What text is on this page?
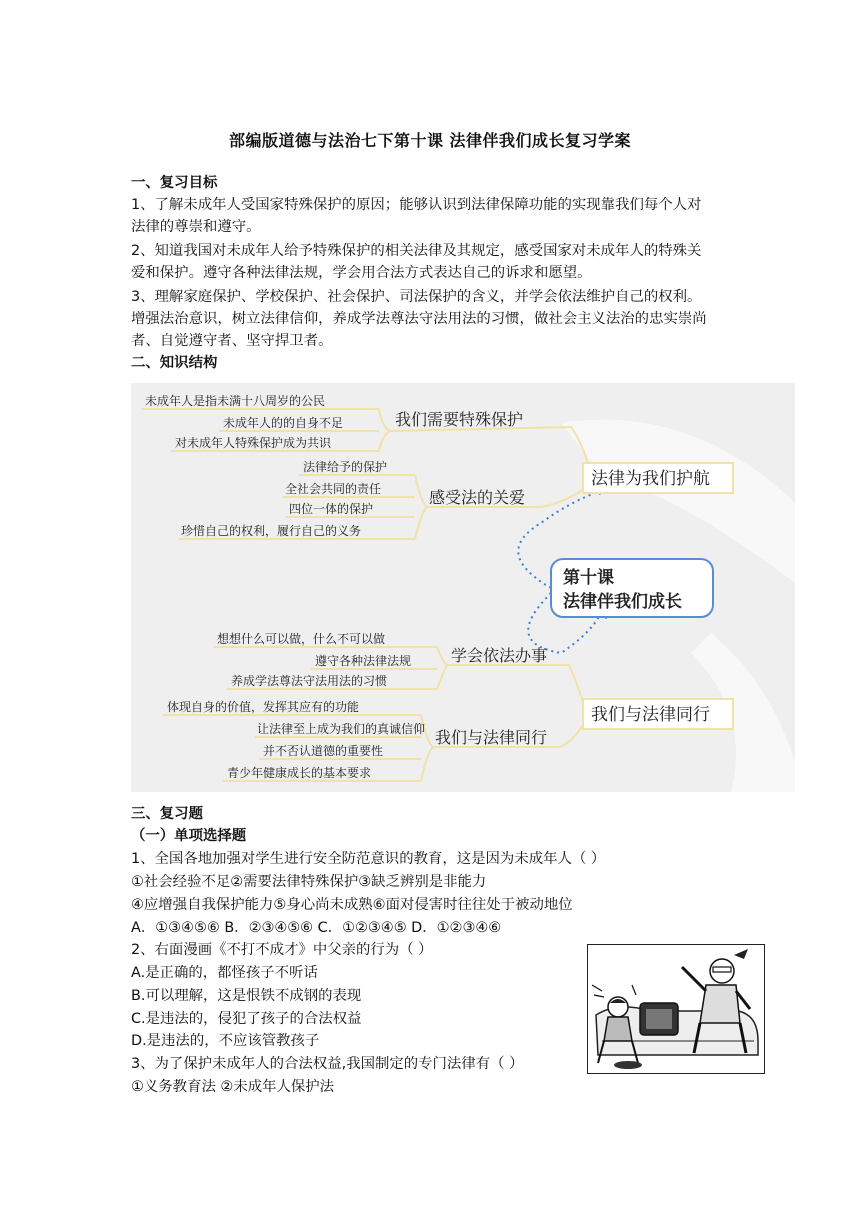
部编版道德与法治七下第十课 法律伴我们成长复习学案
一、复习目标
1、了解未成年人受国家特殊保护的原因；能够认识到法律保障功能的实现靠我们每个人对
法律的尊崇和遵守。
2、知道我国对未成年人给予特殊保护的相关法律及其规定，感受国家对未成年人的特殊关
爱和保护。遵守各种法律法规，学会用合法方式表达自己的诉求和愿望。
3、理解家庭保护、学校保护、社会保护、司法保护的含义，并学会依法维护自己的权利。
增强法治意识，树立法律信仰，养成学法尊法守法用法的习惯，做社会主义法治的忠实崇尚
者、自觉遵守者、坚守捍卫者。
二、知识结构
第十课
法律伴我们成长
法律为我们护航
我们与法律同行
我们需要特殊保护
感受法的关爱
学会依法办事
我们与法律同行
未成年人是指未满十八周岁的公民
未成年人的的自身不足
对未成年人特殊保护成为共识
法律给予的保护
全社会共同的责任
四位一体的保护
珍惜自己的权利，履行自己的义务
想想什么可以做，什么不可以做
遵守各种法律法规
养成学法尊法守法用法的习惯
体现自身的价值，发挥其应有的功能
让法律至上成为我们的真诚信仰
并不否认道德的重要性
青少年健康成长的基本要求
三、复习题
（一）单项选择题
1、全国各地加强对学生进行安全防范意识的教育，这是因为未成年人（ ）
①社会经验不足②需要法律特殊保护③缺乏辨别是非能力
④应增强自我保护能力⑤身心尚未成熟⑥面对侵害时往往处于被动地位
A．①③④⑤⑥ B．②③④⑤⑥ C．①②③④⑤ D．①②③④⑥
2、右面漫画《不打不成才》中父亲的行为（ ）
A.是正确的，都怪孩子不听话
B.可以理解，这是恨铁不成钢的表现
C.是违法的，侵犯了孩子的合法权益
D.是违法的，不应该管教孩子
3、为了保护未成年人的合法权益,我国制定的专门法律有（ ）
①义务教育法 ②未成年人保护法
